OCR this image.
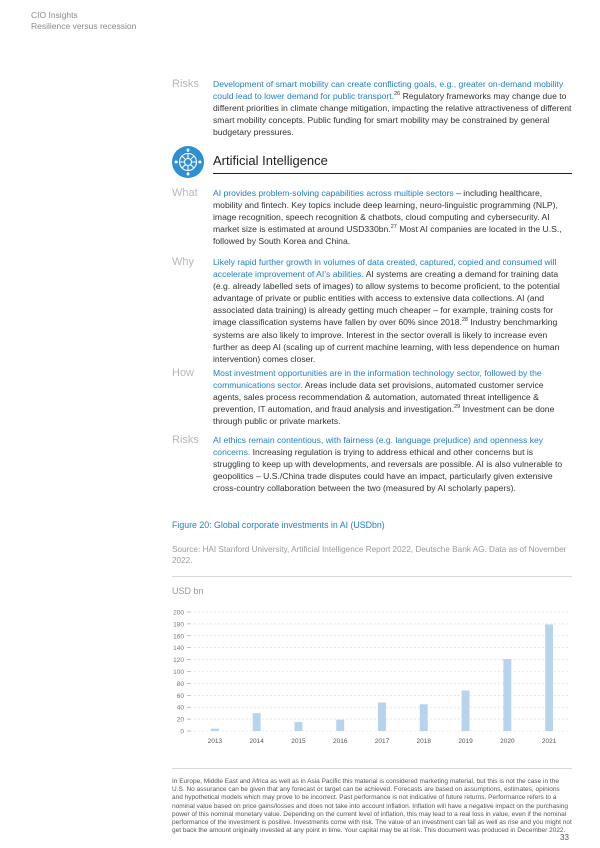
CIO Insights
Resilience versus recession
Risks	Development of smart mobility can create conflicting goals, e.g., greater on-demand mobility could lead to lower demand for public transport.$^{26}$ Regulatory frameworks may change due to different priorities in climate change mitigation, impacting the relative attractiveness of different smart mobility concepts. Public funding for smart mobility may be constrained by general budgetary pressures.
Artificial Intelligence
What	AI provides problem-solving capabilities across multiple sectors – including healthcare, mobility and fintech. Key topics include deep learning, neuro-linguistic programming (NLP), image recognition, speech recognition & chatbots, cloud computing and cybersecurity. AI market size is estimated at around USD330bn.$^{27}$ Most AI companies are located in the U.S., followed by South Korea and China.
Why	Likely rapid further growth in volumes of data created, captured, copied and consumed will accelerate improvement of AI’s abilities. AI systems are creating a demand for training data (e.g. already labelled sets of images) to allow systems to become proficient, to the potential advantage of private or public entities with access to extensive data collections. AI (and associated data training) is already getting much cheaper – for example, training costs for image classification systems have fallen by over 60% since 2018.28 Industry benchmarking systems are also likely to improve. Interest in the sector overall is likely to increase even further as deep AI (scaling up of current machine learning, with less dependence on human intervention) comes closer.
How	Most investment opportunities are in the information technology sector, followed by the communications sector. Areas include data set provisions, automated customer service agents, sales process recommendation & automation, automated threat intelligence & prevention, IT automation, and fraud analysis and investigation.$^{29}$ Investment can be done through public or private markets.
Risks	AI ethics remain contentious, with fairness (e.g. language prejudice) and openness key concerns. Increasing regulation is trying to address ethical and other concerns but is struggling to keep up with developments, and reversals are possible. AI is also vulnerable to geopolitics – U.S./China trade disputes could have an impact, particularly given extensive cross-country collaboration between the two (measured by AI scholarly papers).
Figure 20: Global corporate investments in AI (USDbn)
Source: HAI Stanford University, Artificial Intelligence Report 2022, Deutsche Bank AG. Data as of November 2022.
USD bn
0
20
40
60
80
100
120
140
160
180
200
2013	2014	2015	2016	2017	2018	2019	2020	2021
In Europe, Middle East and Africa as well as in Asia Pacific this material is considered marketing material, but this is not the case in the U.S. No assurance can be given that any forecast or target can be achieved. Forecasts are based on assumptions, estimates, opinions and hypothetical models which may prove to be incorrect. Past performance is not indicative of future returns. Performance refers to a nominal value based on price gains/losses and does not take into account inflation. Inflation will have a negative impact on the purchasing power of this nominal monetary value. Depending on the current level of inflation, this may lead to a real loss in value, even if the nominal performance of the investment is positive. Investments come with risk. The value of an investment can fall as well as rise and you might not get back the amount originally invested at any point in time. Your capital may be at risk. This document was produced in December 2022.
33
